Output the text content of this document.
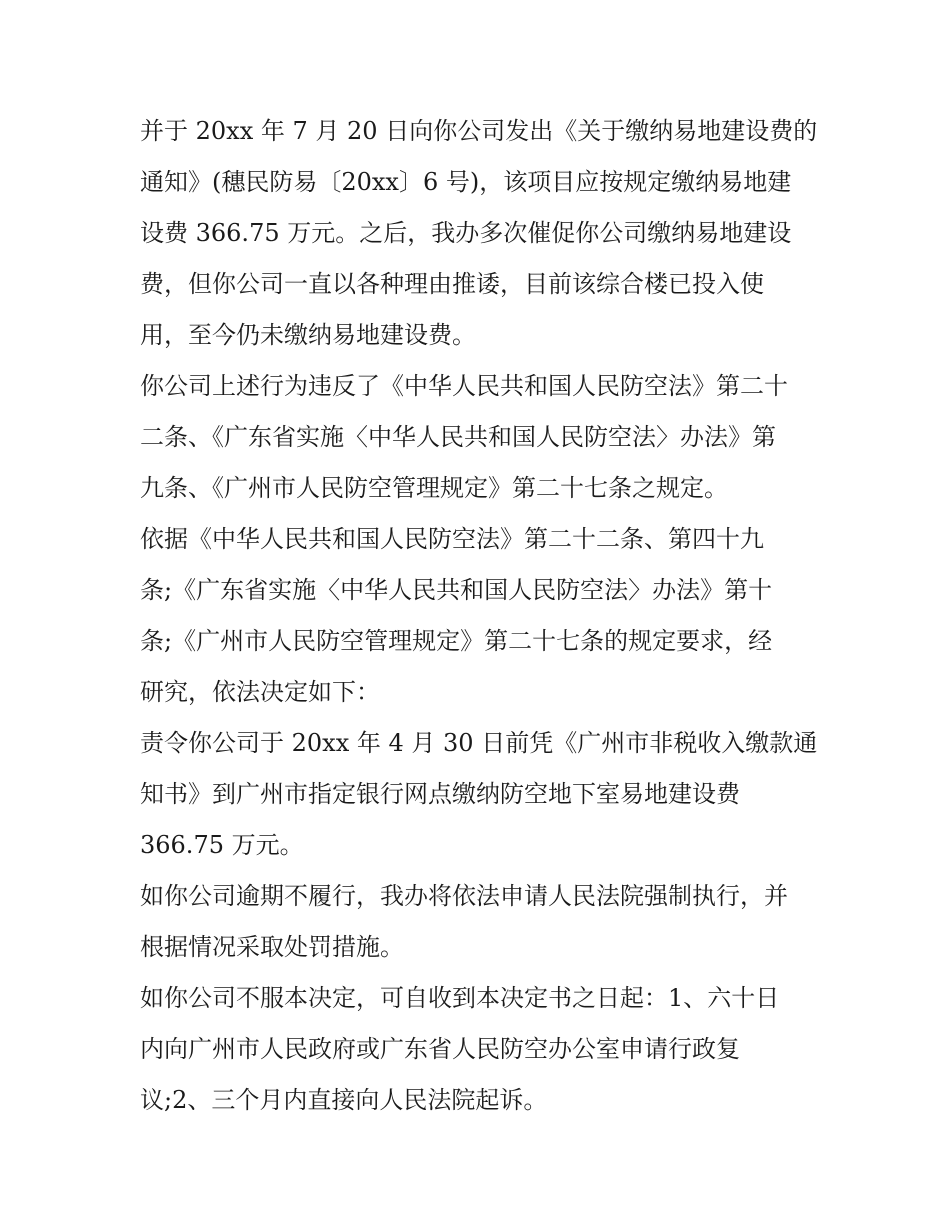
并于 20xx 年 7 月 20 日向你公司发出《关于缴纳易地建设费的
通知》(穗民防易〔20xx〕6 号)，该项目应按规定缴纳易地建
设费 366.75 万元。之后，我办多次催促你公司缴纳易地建设
费，但你公司一直以各种理由推诿，目前该综合楼已投入使
用，至今仍未缴纳易地建设费。
你公司上述行为违反了《中华人民共和国人民防空法》第二十
二条、《广东省实施〈中华人民共和国人民防空法〉办法》第
九条、《广州市人民防空管理规定》第二十七条之规定。
依据《中华人民共和国人民防空法》第二十二条、第四十九
条;《广东省实施〈中华人民共和国人民防空法〉办法》第十
条;《广州市人民防空管理规定》第二十七条的规定要求，经
研究，依法决定如下：
责令你公司于 20xx 年 4 月 30 日前凭《广州市非税收入缴款通
知书》到广州市指定银行网点缴纳防空地下室易地建设费
366.75 万元。
如你公司逾期不履行，我办将依法申请人民法院强制执行，并
根据情况采取处罚措施。
如你公司不服本决定，可自收到本决定书之日起：1、六十日
内向广州市人民政府或广东省人民防空办公室申请行政复
议;2、三个月内直接向人民法院起诉。
